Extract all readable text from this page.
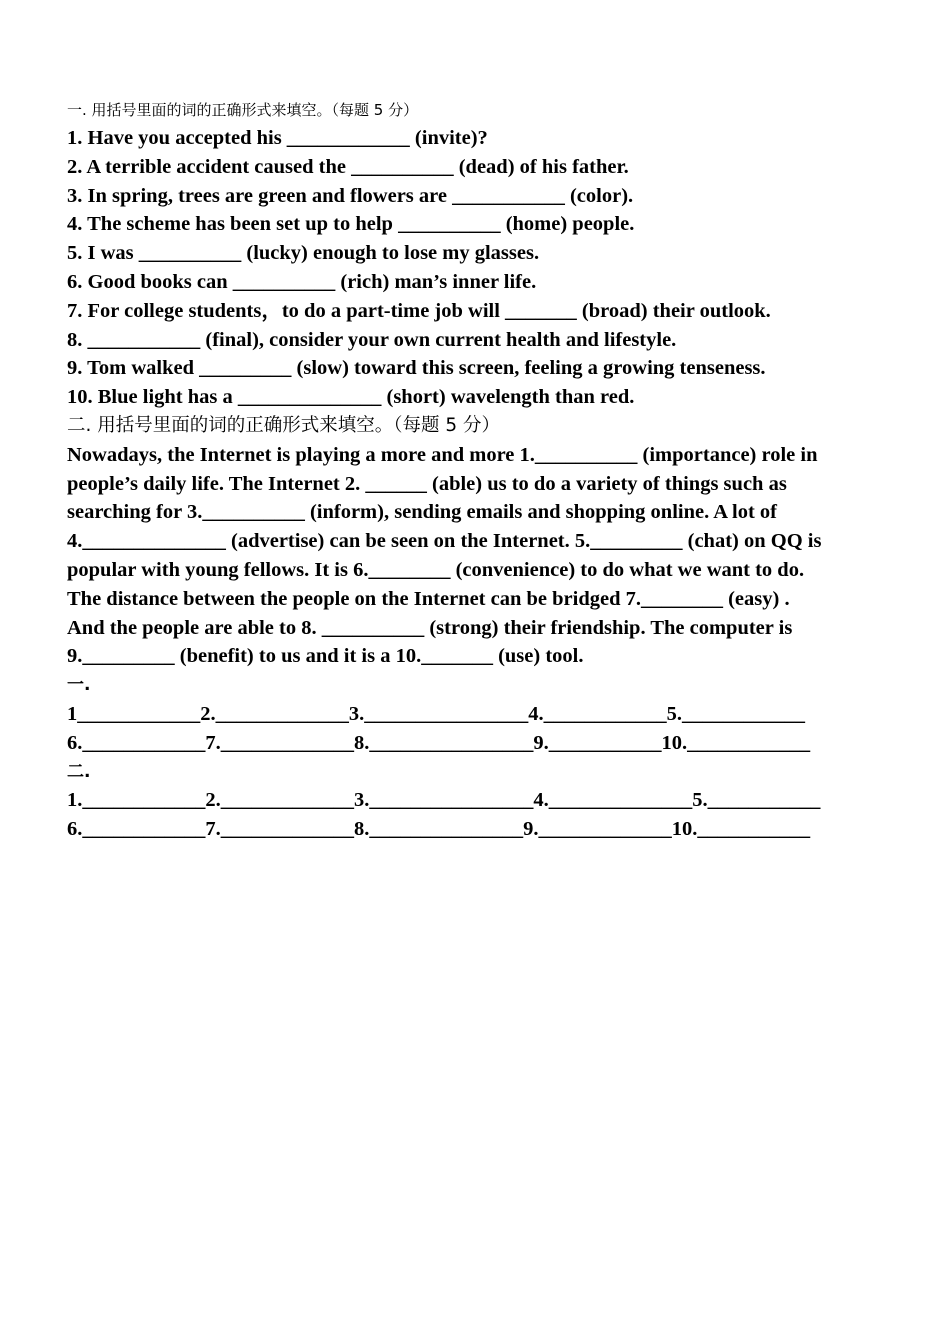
一. 用括号里面的词的正确形式来填空。（每题 5 分）
1. Have you accepted his ____________ (invite)?
2. A terrible accident caused the __________ (dead) of his father.
3. In spring, trees are green and flowers are ___________ (color).
4. The scheme has been set up to help __________ (home) people.
5. I was __________ (lucky) enough to lose my glasses.
6. Good books can __________ (rich) man’s inner life.
7. For college students，to do a part-time job will _______ (broad) their outlook.
8. ___________ (final), consider your own current health and lifestyle.
9. Tom walked _________ (slow) toward this screen, feeling a growing tenseness.
10. Blue light has a ______________ (short) wavelength than red.
二. 用括号里面的词的正确形式来填空。（每题 5 分）
Nowadays, the Internet is playing a more and more 1.__________ (importance) role in
people’s daily life. The Internet 2. ______ (able) us to do a variety of things such as
searching for 3.__________ (inform), sending emails and shopping online. A lot of
4.______________ (advertise) can be seen on the Internet. 5._________ (chat) on QQ is
popular with young fellows. It is 6.________ (convenience) to do what we want to do.
The distance between the people on the Internet can be bridged 7.________ (easy) .
And the people are able to 8. __________ (strong) their friendship. The computer is
9._________ (benefit) to us and it is a 10._______ (use) tool.
一.
1____________2._____________3.________________4.____________5.____________
6.____________7._____________8.________________9.___________10.____________
二.
1.____________2._____________3.________________4.______________5.___________
6.____________7._____________8._______________9._____________10.___________
